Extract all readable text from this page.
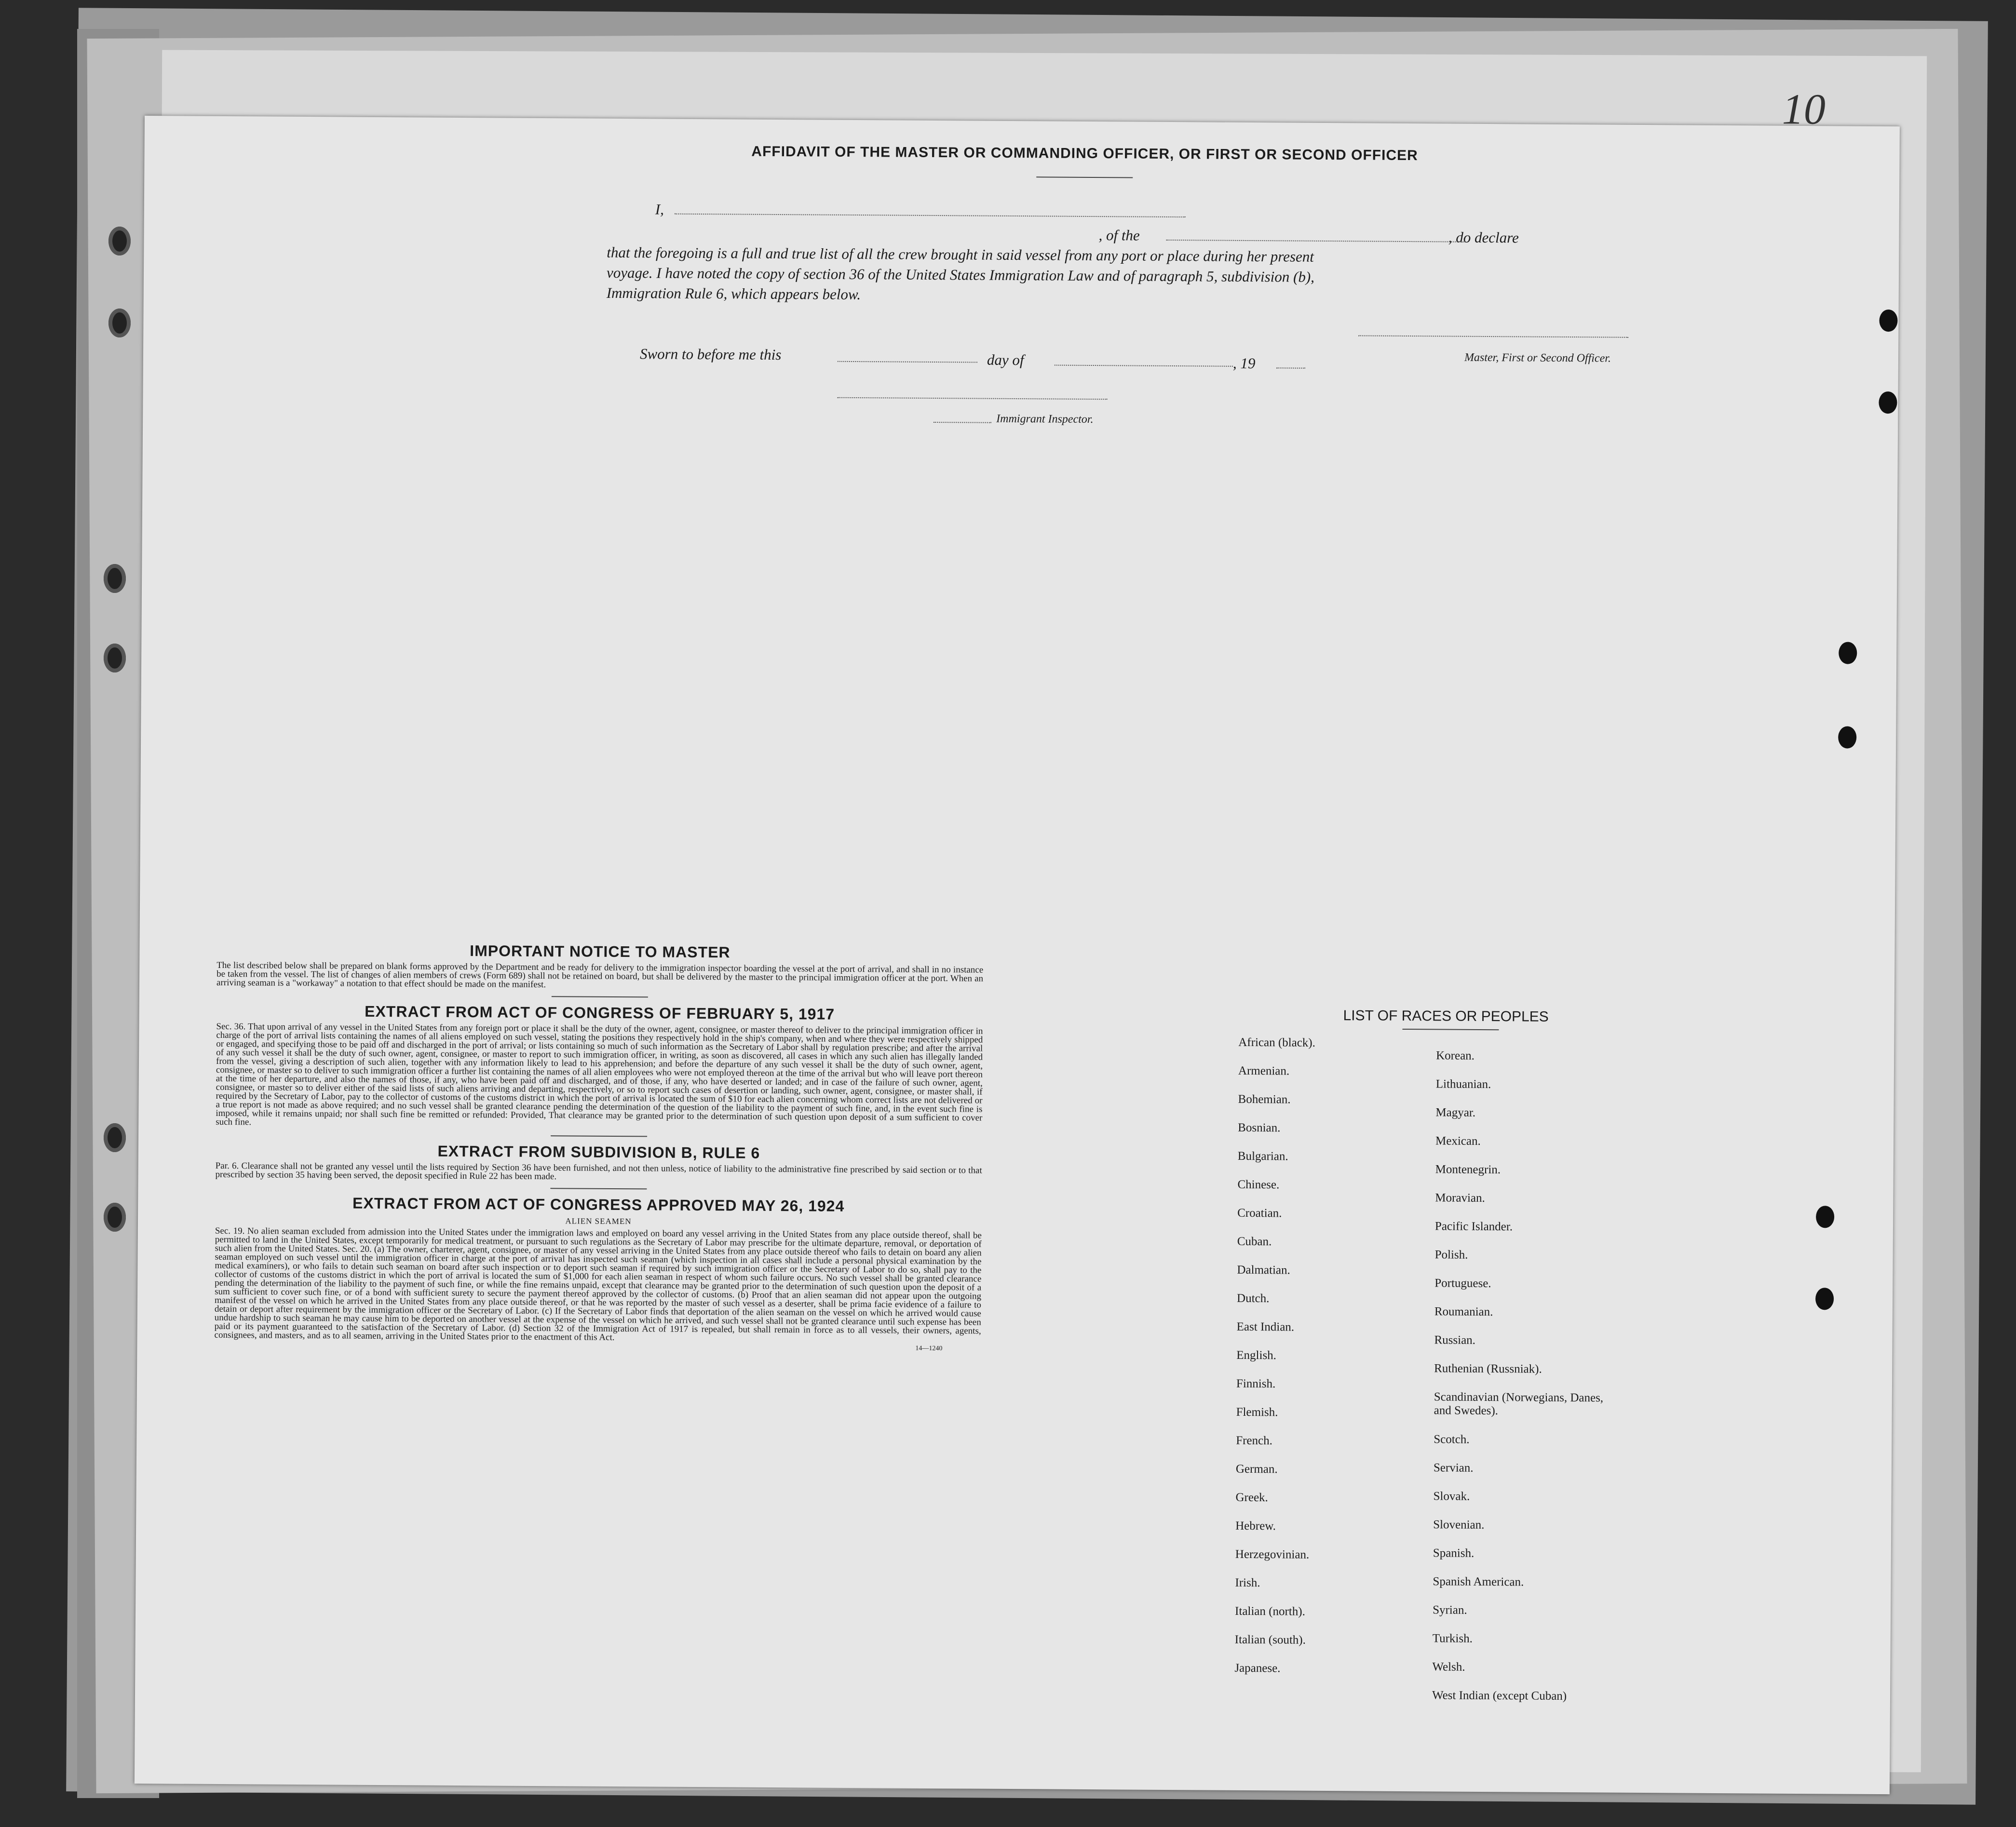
10
AFFIDAVIT OF THE MASTER OR COMMANDING OFFICER, OR FIRST OR SECOND OFFICER
I,
, of the	, do declare
that the foregoing is a full and true list of all the crew brought in said vessel from any port or place during her present
voyage. I have noted the copy of section 36 of the United States Immigration Law and of paragraph 5, subdivision (b),
Immigration Rule 6, which appears below.
Sworn to before me this	day of	, 19	Master, First or Second Officer.
Immigrant Inspector.
IMPORTANT NOTICE TO MASTER

The list described below shall be prepared on blank forms approved by the Department and be ready for delivery to the immigration inspector boarding the vessel at the port of arrival, and shall in no instance be taken from the vessel. The list of changes of alien members of crews (Form 689) shall not be retained on board, but shall be delivered by the master to the principal immigration officer at the port. When an arriving seaman is a "workaway" a notation to that effect should be made on the manifest.

EXTRACT FROM ACT OF CONGRESS OF FEBRUARY 5, 1917

Sec. 36. That upon arrival of any vessel in the United States from any foreign port or place it shall be the duty of the owner, agent, consignee, or master thereof to deliver to the principal immigration officer in charge of the port of arrival lists containing the names of all aliens employed on such vessel, stating the positions they respectively hold in the ship's company, when and where they were respectively shipped or engaged, and specifying those to be paid off and discharged in the port of arrival; or lists containing so much of such information as the Secretary of Labor shall by regulation prescribe; and after the arrival of any such vessel it shall be the duty of such owner, agent, consignee, or master to report to such immigration officer, in writing, as soon as discovered, all cases in which any such alien has illegally landed from the vessel, giving a description of such alien, together with any information likely to lead to his apprehension; and before the departure of any such vessel it shall be the duty of such owner, agent, consignee, or master so to deliver to such immigration officer a further list containing the names of all alien employees who were not employed thereon at the time of the arrival but who will leave port thereon at the time of her departure, and also the names of those, if any, who have been paid off and discharged, and of those, if any, who have deserted or landed; and in case of the failure of such owner, agent, consignee, or master so to deliver either of the said lists of such aliens arriving and departing, respectively, or so to report such cases of desertion or landing, such owner, agent, consignee, or master shall, if required by the Secretary of Labor, pay to the collector of customs of the customs district in which the port of arrival is located the sum of $10 for each alien concerning whom correct lists are not delivered or a true report is not made as above required; and no such vessel shall be granted clearance pending the determination of the question of the liability to the payment of such fine, and, in the event such fine is imposed, while it remains unpaid; nor shall such fine be remitted or refunded: Provided, That clearance may be granted prior to the determination of such question upon deposit of a sum sufficient to cover such fine.

EXTRACT FROM SUBDIVISION B, RULE 6

Par. 6. Clearance shall not be granted any vessel until the lists required by Section 36 have been furnished, and not then unless, notice of liability to the administrative fine prescribed by said section or to that prescribed by section 35 having been served, the deposit specified in Rule 22 has been made.

EXTRACT FROM ACT OF CONGRESS APPROVED MAY 26, 1924
ALIEN SEAMEN

Sec. 19. No alien seaman excluded from admission into the United States under the immigration laws and employed on board any vessel arriving in the United States from any place outside thereof, shall be permitted to land in the United States, except temporarily for medical treatment, or pursuant to such regulations as the Secretary of Labor may prescribe for the ultimate departure, removal, or deportation of such alien from the United States. Sec. 20. (a) The owner, charterer, agent, consignee, or master of any vessel arriving in the United States from any place outside thereof who fails to detain on board any alien seaman employed on such vessel until the immigration officer in charge at the port of arrival has inspected such seaman (which inspection in all cases shall include a personal physical examination by the medical examiners), or who fails to detain such seaman on board after such inspection or to deport such seaman if required by such immigration officer or the Secretary of Labor to do so, shall pay to the collector of customs of the customs district in which the port of arrival is located the sum of $1,000 for each alien seaman in respect of whom such failure occurs. No such vessel shall be granted clearance pending the determination of the liability to the payment of such fine, or while the fine remains unpaid, except that clearance may be granted prior to the determination of such question upon the deposit of a sum sufficient to cover such fine, or of a bond with sufficient surety to secure the payment thereof approved by the collector of customs. (b) Proof that an alien seaman did not appear upon the outgoing manifest of the vessel on which he arrived in the United States from any place outside thereof, or that he was reported by the master of such vessel as a deserter, shall be prima facie evidence of a failure to detain or deport after requirement by the immigration officer or the Secretary of Labor. (c) If the Secretary of Labor finds that deportation of the alien seaman on the vessel on which he arrived would cause undue hardship to such seaman he may cause him to be deported on another vessel at the expense of the vessel on which he arrived, and such vessel shall not be granted clearance until such expense has been paid or its payment guaranteed to the satisfaction of the Secretary of Labor. (d) Section 32 of the Immigration Act of 1917 is repealed, but shall remain in force as to all vessels, their owners, agents, consignees, and masters, and as to all seamen, arriving in the United States prior to the enactment of this Act.

14—1240
LIST OF RACES OR PEOPLES
African (black).
Armenian.
Bohemian.
Bosnian.
Bulgarian.
Chinese.
Croatian.
Cuban.
Dalmatian.
Dutch.
East Indian.
English.
Finnish.
Flemish.
French.
German.
Greek.
Hebrew.
Herzegovinian.
Irish.
Italian (north).
Italian (south).
Japanese.
Korean.
Lithuanian.
Magyar.
Mexican.
Montenegrin.
Moravian.
Pacific Islander.
Polish.
Portuguese.
Roumanian.
Russian.
Ruthenian (Russniak).
Scandinavian (Norwegians, Danes, and Swedes).
Scotch.
Servian.
Slovak.
Slovenian.
Spanish.
Spanish American.
Syrian.
Turkish.
Welsh.
West Indian (except Cuban)
